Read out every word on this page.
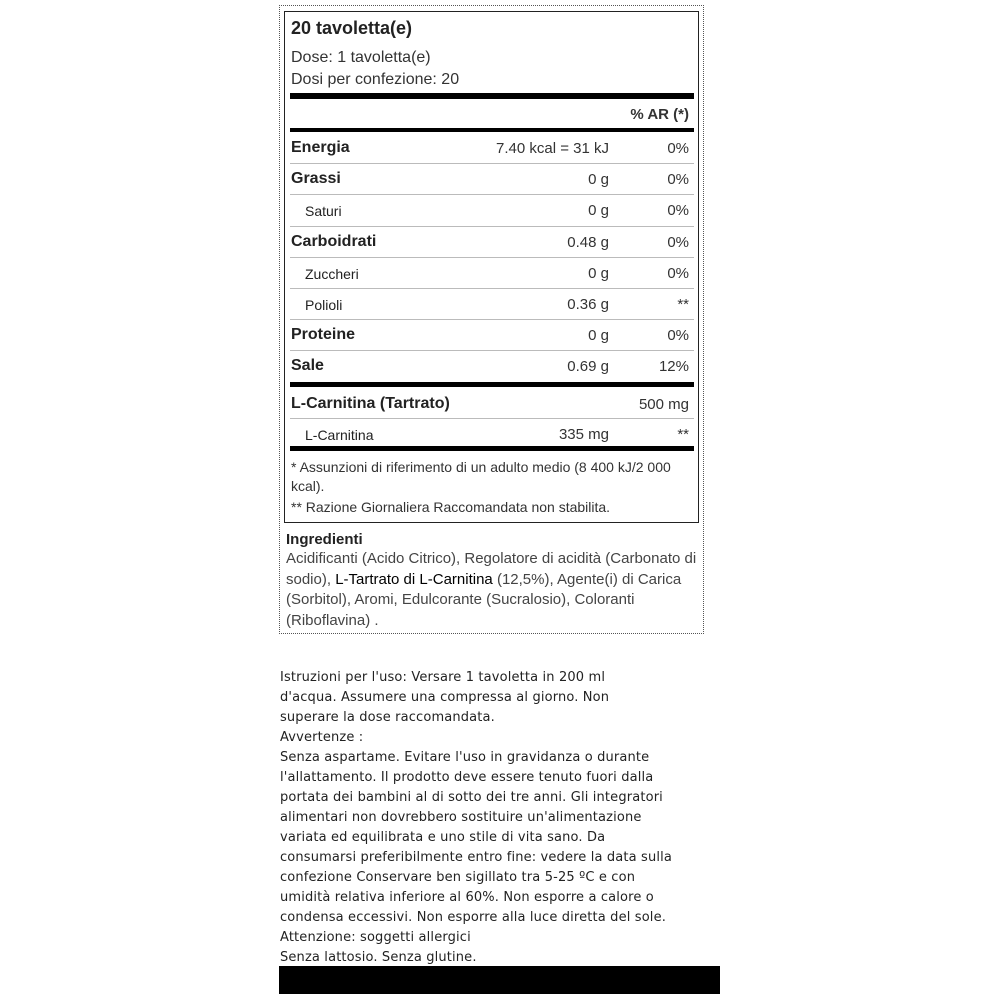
20 tavoletta(e)
Dose: 1 tavoletta(e)
Dosi per confezione: 20
% AR (*)
Energia	7.40 kcal = 31 kJ	0%
Grassi	0 g	0%
Saturi	0 g	0%
Carboidrati	0.48 g	0%
Zuccheri	0 g	0%
Polioli	0.36 g	**
Proteine	0 g	0%
Sale	0.69 g	12%
L-Carnitina (Tartrato)	500 mg
L-Carnitina	335 mg	**
* Assunzioni di riferimento di un adulto medio (8 400 kJ/2 000 kcal).
** Razione Giornaliera Raccomandata non stabilita.
Ingredienti
Acidificanti (Acido Citrico), Regolatore di acidità (Carbonato di sodio), L-Tartrato di L-Carnitina (12,5%), Agente(i) di Carica (Sorbitol), Aromi, Edulcorante (Sucralosio), Coloranti (Riboflavina) .
Istruzioni per l'uso: Versare 1 tavoletta in 200 ml
d'acqua. Assumere una compressa al giorno. Non
superare la dose raccomandata.
Avvertenze :
Senza aspartame. Evitare l'uso in gravidanza o durante
l'allattamento. Il prodotto deve essere tenuto fuori dalla
portata dei bambini al di sotto dei tre anni. Gli integratori
alimentari non dovrebbero sostituire un'alimentazione
variata ed equilibrata e uno stile di vita sano. Da
consumarsi preferibilmente entro fine: vedere la data sulla
confezione Conservare ben sigillato tra 5-25 ºC e con
umidità relativa inferiore al 60%. Non esporre a calore o
condensa eccessivi. Non esporre alla luce diretta del sole.
Attenzione: soggetti allergici
Senza lattosio. Senza glutine.
